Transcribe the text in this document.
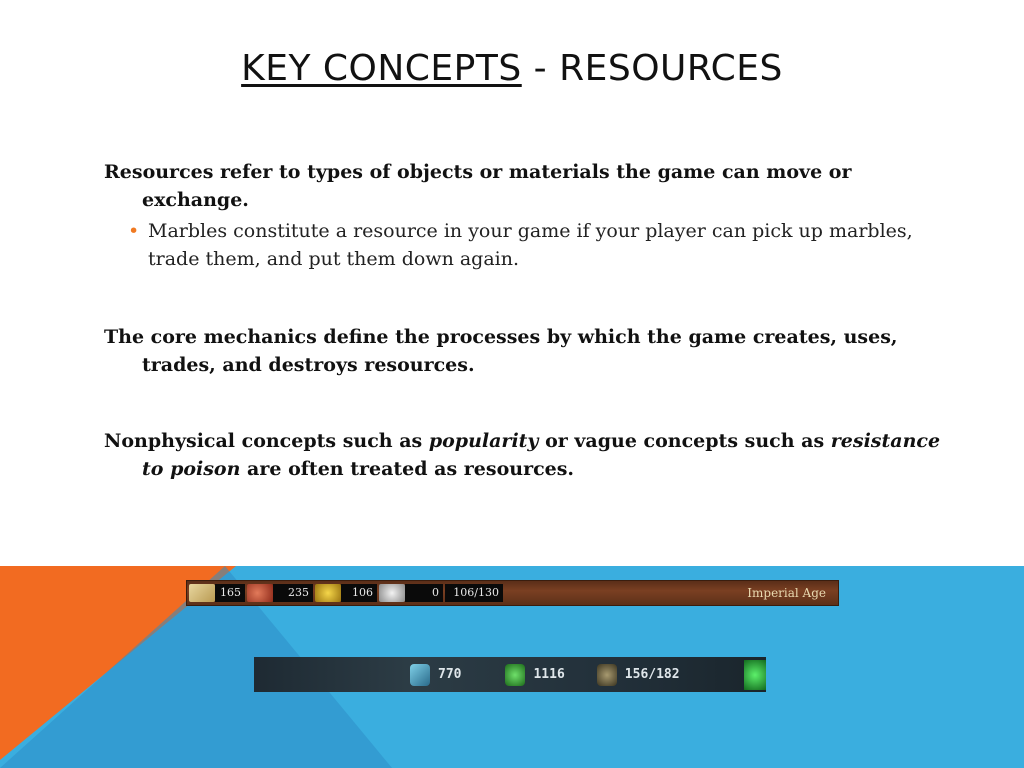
KEY CONCEPTS - RESOURCES

Resources refer to types of objects or materials the game can move or exchange.

• Marbles constitute a resource in your game if your player can pick up marbles, trade them, and put them down again.

The core mechanics define the processes by which the game creates, uses, trades, and destroys resources.

Nonphysical concepts such as popularity or vague concepts such as resistance to poison are often treated as resources.

165	235	106	0	106/130	Imperial Age
770	1116	156/182
